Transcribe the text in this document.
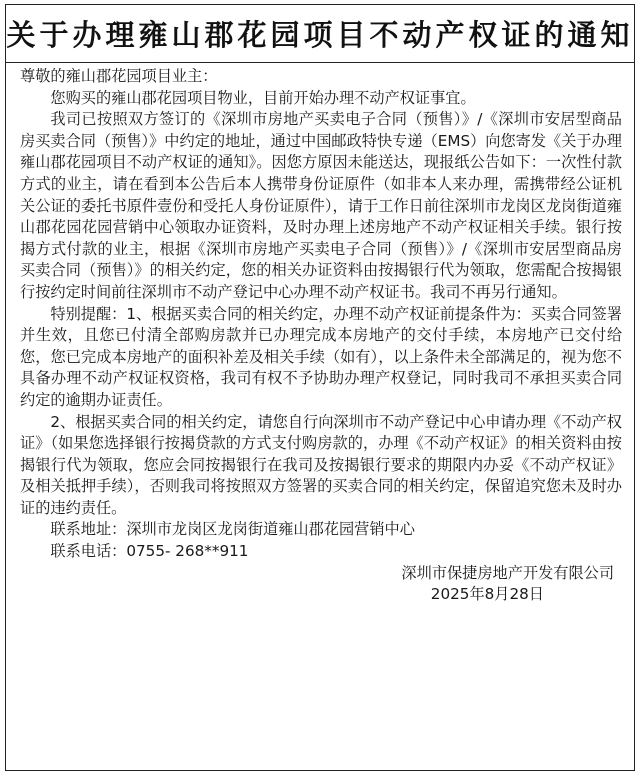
关于办理雍山郡花园项目不动产权证的通知

尊敬的雍山郡花园项目业主：

您购买的雍山郡花园项目物业，目前开始办理不动产权证事宜。

我司已按照双方签订的《深圳市房地产买卖电子合同（预售）》/《深圳市安居型商品房买卖合同（预售）》中约定的地址，通过中国邮政特快专递（EMS）向您寄发《关于办理雍山郡花园项目不动产权证的通知》。因您方原因未能送达，现报纸公告如下：一次性付款方式的业主，请在看到本公告后本人携带身份证原件（如非本人来办理，需携带经公证机关公证的委托书原件壹份和受托人身份证原件），请于工作日前往深圳市龙岗区龙岗街道雍山郡花园花园营销中心领取办证资料，及时办理上述房地产不动产权证相关手续。银行按揭方式付款的业主，根据《深圳市房地产买卖电子合同（预售）》/《深圳市安居型商品房买卖合同（预售）》的相关约定，您的相关办证资料由按揭银行代为领取，您需配合按揭银行按约定时间前往深圳市不动产登记中心办理不动产权证书。我司不再另行通知。

特别提醒：1、根据买卖合同的相关约定，办理不动产权证前提条件为：买卖合同签署并生效，且您已付清全部购房款并已办理完成本房地产的交付手续，本房地产已交付给您，您已完成本房地产的面积补差及相关手续（如有），以上条件未全部满足的，视为您不具备办理不动产权证权资格，我司有权不予协助办理产权登记，同时我司不承担买卖合同约定的逾期办证责任。

2、根据买卖合同的相关约定，请您自行向深圳市不动产登记中心申请办理《不动产权证》（如果您选择银行按揭贷款的方式支付购房款的，办理《不动产权证》的相关资料由按揭银行代为领取，您应会同按揭银行在我司及按揭银行要求的期限内办妥《不动产权证》及相关抵押手续），否则我司将按照双方签署的买卖合同的相关约定，保留追究您未及时办证的违约责任。

联系地址：深圳市龙岗区龙岗街道雍山郡花园营销中心

联系电话：0755- 268**911

深圳市保捷房地产开发有限公司

2025年8月28日
